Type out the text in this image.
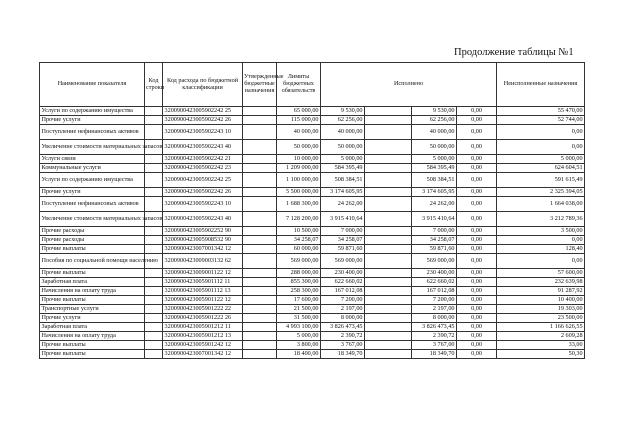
Продолжение таблицы №1
Наименование показателя	Код строки	Код расхода по бюджетной классификации	Утвержденные бюджетные назначения	Лимиты бюджетных обязательств	Исполнено				Неисполненные назначения
Услуги по содержанию имущества		3200900423005902242 25		65 000,00	9 530,00		9 530,00	0,00	55 470,00
Прочие услуги		3200900423005902242 26		115 000,00	62 256,00		62 256,00	0,00	52 744,00
Поступление нефинансовых активов		3200900423005902243 10		40 000,00	40 000,00		40 000,00	0,00	0,00
Увеличение стоимости материальных запасов		3200900423005902243 40		50 000,00	50 000,00		50 000,00	0,00	0,00
Услуги связи		3200900423005902242 21		10 000,00	5 000,00		5 000,00	0,00	5 000,00
Коммунальные услуги		3200900423005902242 23		1 209 000,00	584 395,49		584 395,49	0,00	624 604,51
Услуги по содержанию имущества		3200900423005902242 25		1 100 000,00	508 384,51		508 384,51	0,00	591 615,49
Прочие услуги		3200900423005902242 26		5 500 000,00	3 174 605,95		3 174 605,95	0,00	2 325 394,05
Поступление нефинансовых активов		3200900423005902243 10		1 688 300,00	24 262,00		24 262,00	0,00	1 664 038,00
Увеличение стоимости материальных запасов		3200900423005902243 40		7 128 200,00	3 915 410,64		3 915 410,64	0,00	3 212 789,36
Прочие расходы		3200900423005902252 90		10 500,00	7 000,00		7 000,00	0,00	3 500,00
Прочие расходы		3200900423005908532 90		34 258,07	34 258,07		34 258,07	0,00	0,00
Прочие выплаты		3200900423007001342 12		60 000,00	59 871,60		59 871,60	0,00	128,40
Пособия по социальной помощи населению		3200900423009003132 62		569 000,00	569 000,00		569 000,00	0,00	0,00
Прочие выплаты		3200900423009001122 12		288 000,00	230 400,00		230 400,00	0,00	57 600,00
Заработная плата		3200900423005901112 11		855 300,00	622 660,02		622 660,02	0,00	232 639,98
Начисления на оплату труда		3200900423005901112 13		258 300,00	167 012,08		167 012,08	0,00	91 287,92
Прочие выплаты		3200900423005901122 12		17 600,00	7 200,00		7 200,00	0,00	10 400,00
Транспортные услуги		3200900423005901222 22		21 500,00	2 197,00		2 197,00	0,00	19 303,00
Прочие услуги		3200900423005901222 26		31 500,00	8 000,00		8 000,00	0,00	23 500,00
Заработная плата		3200900423005901212 11		4 993 100,00	3 826 473,45		3 826 473,45	0,00	1 166 626,55
Начисления на оплату труда		3200900423005901212 13		5 000,00	2 390,72		2 390,72	0,00	2 609,28
Прочие выплаты		3200900423005901242 12		3 800,00	3 767,00		3 767,00	0,00	33,00
Прочие выплаты		3200900423007001342 12		18 400,00	18 349,70		18 349,70	0,00	50,30
